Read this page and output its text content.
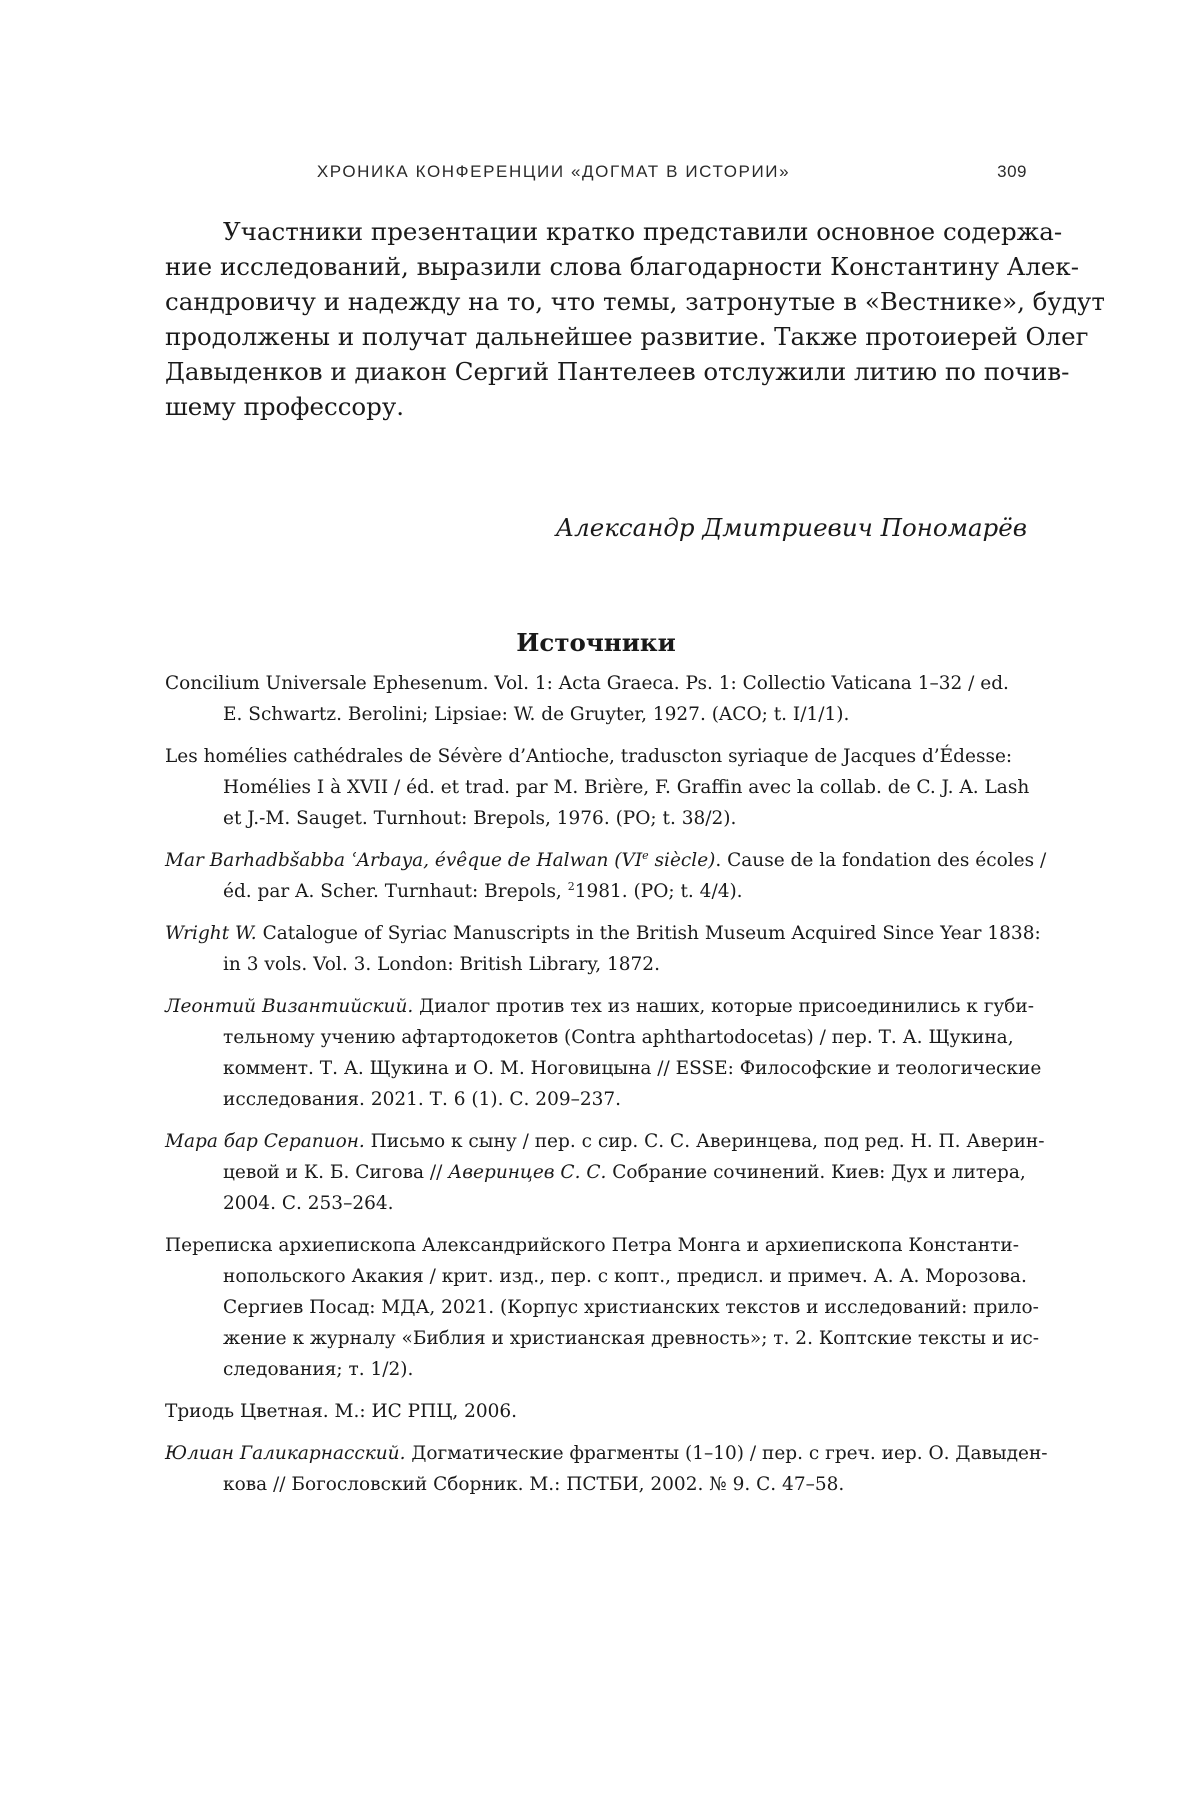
ХРОНИКА КОНФЕРЕНЦИИ «ДОГМАТ В ИСТОРИИ»	309

Участники презентации кратко представили основное содержа-
ние исследований, выразили слова благодарности Константину Алек-
сандровичу и надежду на то, что темы, затронутые в «Вестнике», будут
продолжены и получат дальнейшее развитие. Также протоиерей Олег
Давыденков и диакон Сергий Пантелеев отслужили литию по почив-
шему профессору.

Александр Дмитриевич Пономарёв
Источники
Concilium Universale Ephesenum. Vol. 1: Acta Graeca. Ps. 1: Collectio Vaticana 1–32 / ed.
E. Schwartz. Berolini; Lipsiae: W. de Gruyter, 1927. (ACO; t. I/1/1).
Les homélies cathédrales de Sévère d’Antioche, traduscton syriaque de Jacques d’Édesse:
Homélies I à XVII / éd. et trad. par M. Brière, F. Graffin avec la collab. de C. J. A. Lash
et J.-M. Sauget. Turnhout: Brepols, 1976. (PO; t. 38/2).
Mar Barhadbšabba ʿArbaya, évêque de Halwan (VIe siècle). Cause de la fondation des écoles /
éd. par A. Scher. Turnhaut: Brepols, $^2$1981. (PO; t. 4/4).
Wright W. Catalogue of Syriac Manuscripts in the British Museum Acquired Since Year 1838:
in 3 vols. Vol. 3. London: British Library, 1872.
Леонтий Византийский. Диалог против тех из наших, которые присоединились к губи-
тельному учению афтартодокетов (Contra aphthartodocetas) / пер. Т. А. Щукина,
коммент. Т. А. Щукина и О. М. Ноговицына // ESSE: Философские и теологические
исследования. 2021. Т. 6 (1). С. 209–237.
Мара бар Серапион. Письмо к сыну / пер. с сир. С. С. Аверинцева, под ред. Н. П. Аверин-
цевой и К. Б. Сигова // Аверинцев С. С. Собрание сочинений. Киев: Дух и литера,
2004. С. 253–264.
Переписка архиепископа Александрийского Петра Монга и архиепископа Константи-
нопольского Акакия / крит. изд., пер. с копт., предисл. и примеч. А. А. Морозова.
Сергиев Посад: МДА, 2021. (Корпус христианских текстов и исследований: прило-
жение к журналу «Библия и христианская древность»; т. 2. Коптские тексты и ис-
следования; т. 1/2).
Триодь Цветная. М.: ИС РПЦ, 2006.
Юлиан Галикарнасский. Догматические фрагменты (1–10) / пер. с греч. иер. О. Давыден-
кова // Богословский Сборник. М.: ПСТБИ, 2002. № 9. С. 47–58.
